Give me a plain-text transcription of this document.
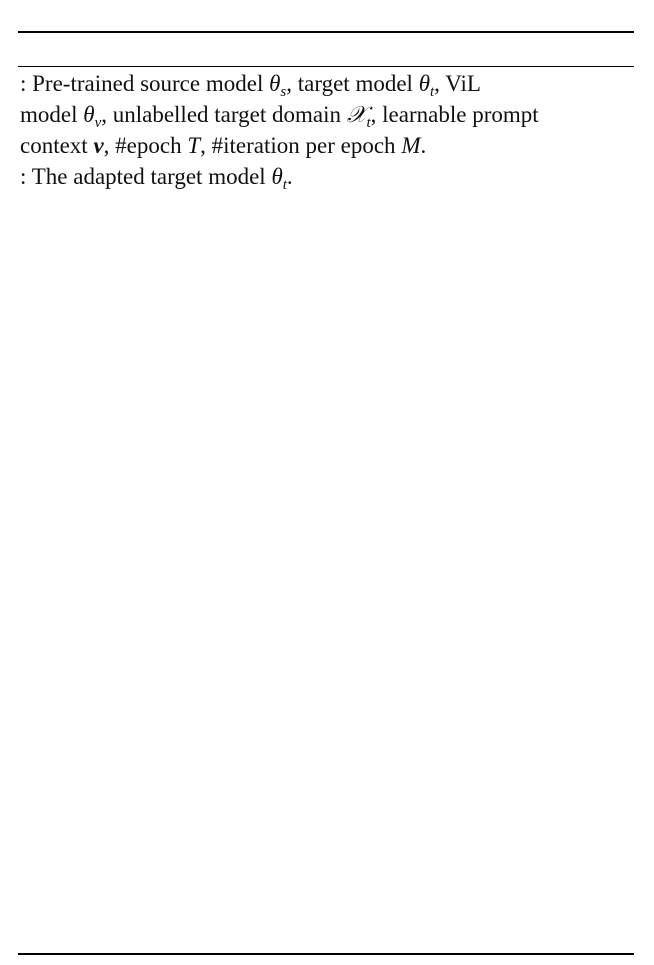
: Pre-trained source model $\theta_s$, target model $\theta_t$, ViL
model $\theta_v$, unlabelled target domain 𝒳$_t$, learnable prompt
context v, #epoch T, #iteration per epoch M.
: The adapted target model $\theta_t$.
